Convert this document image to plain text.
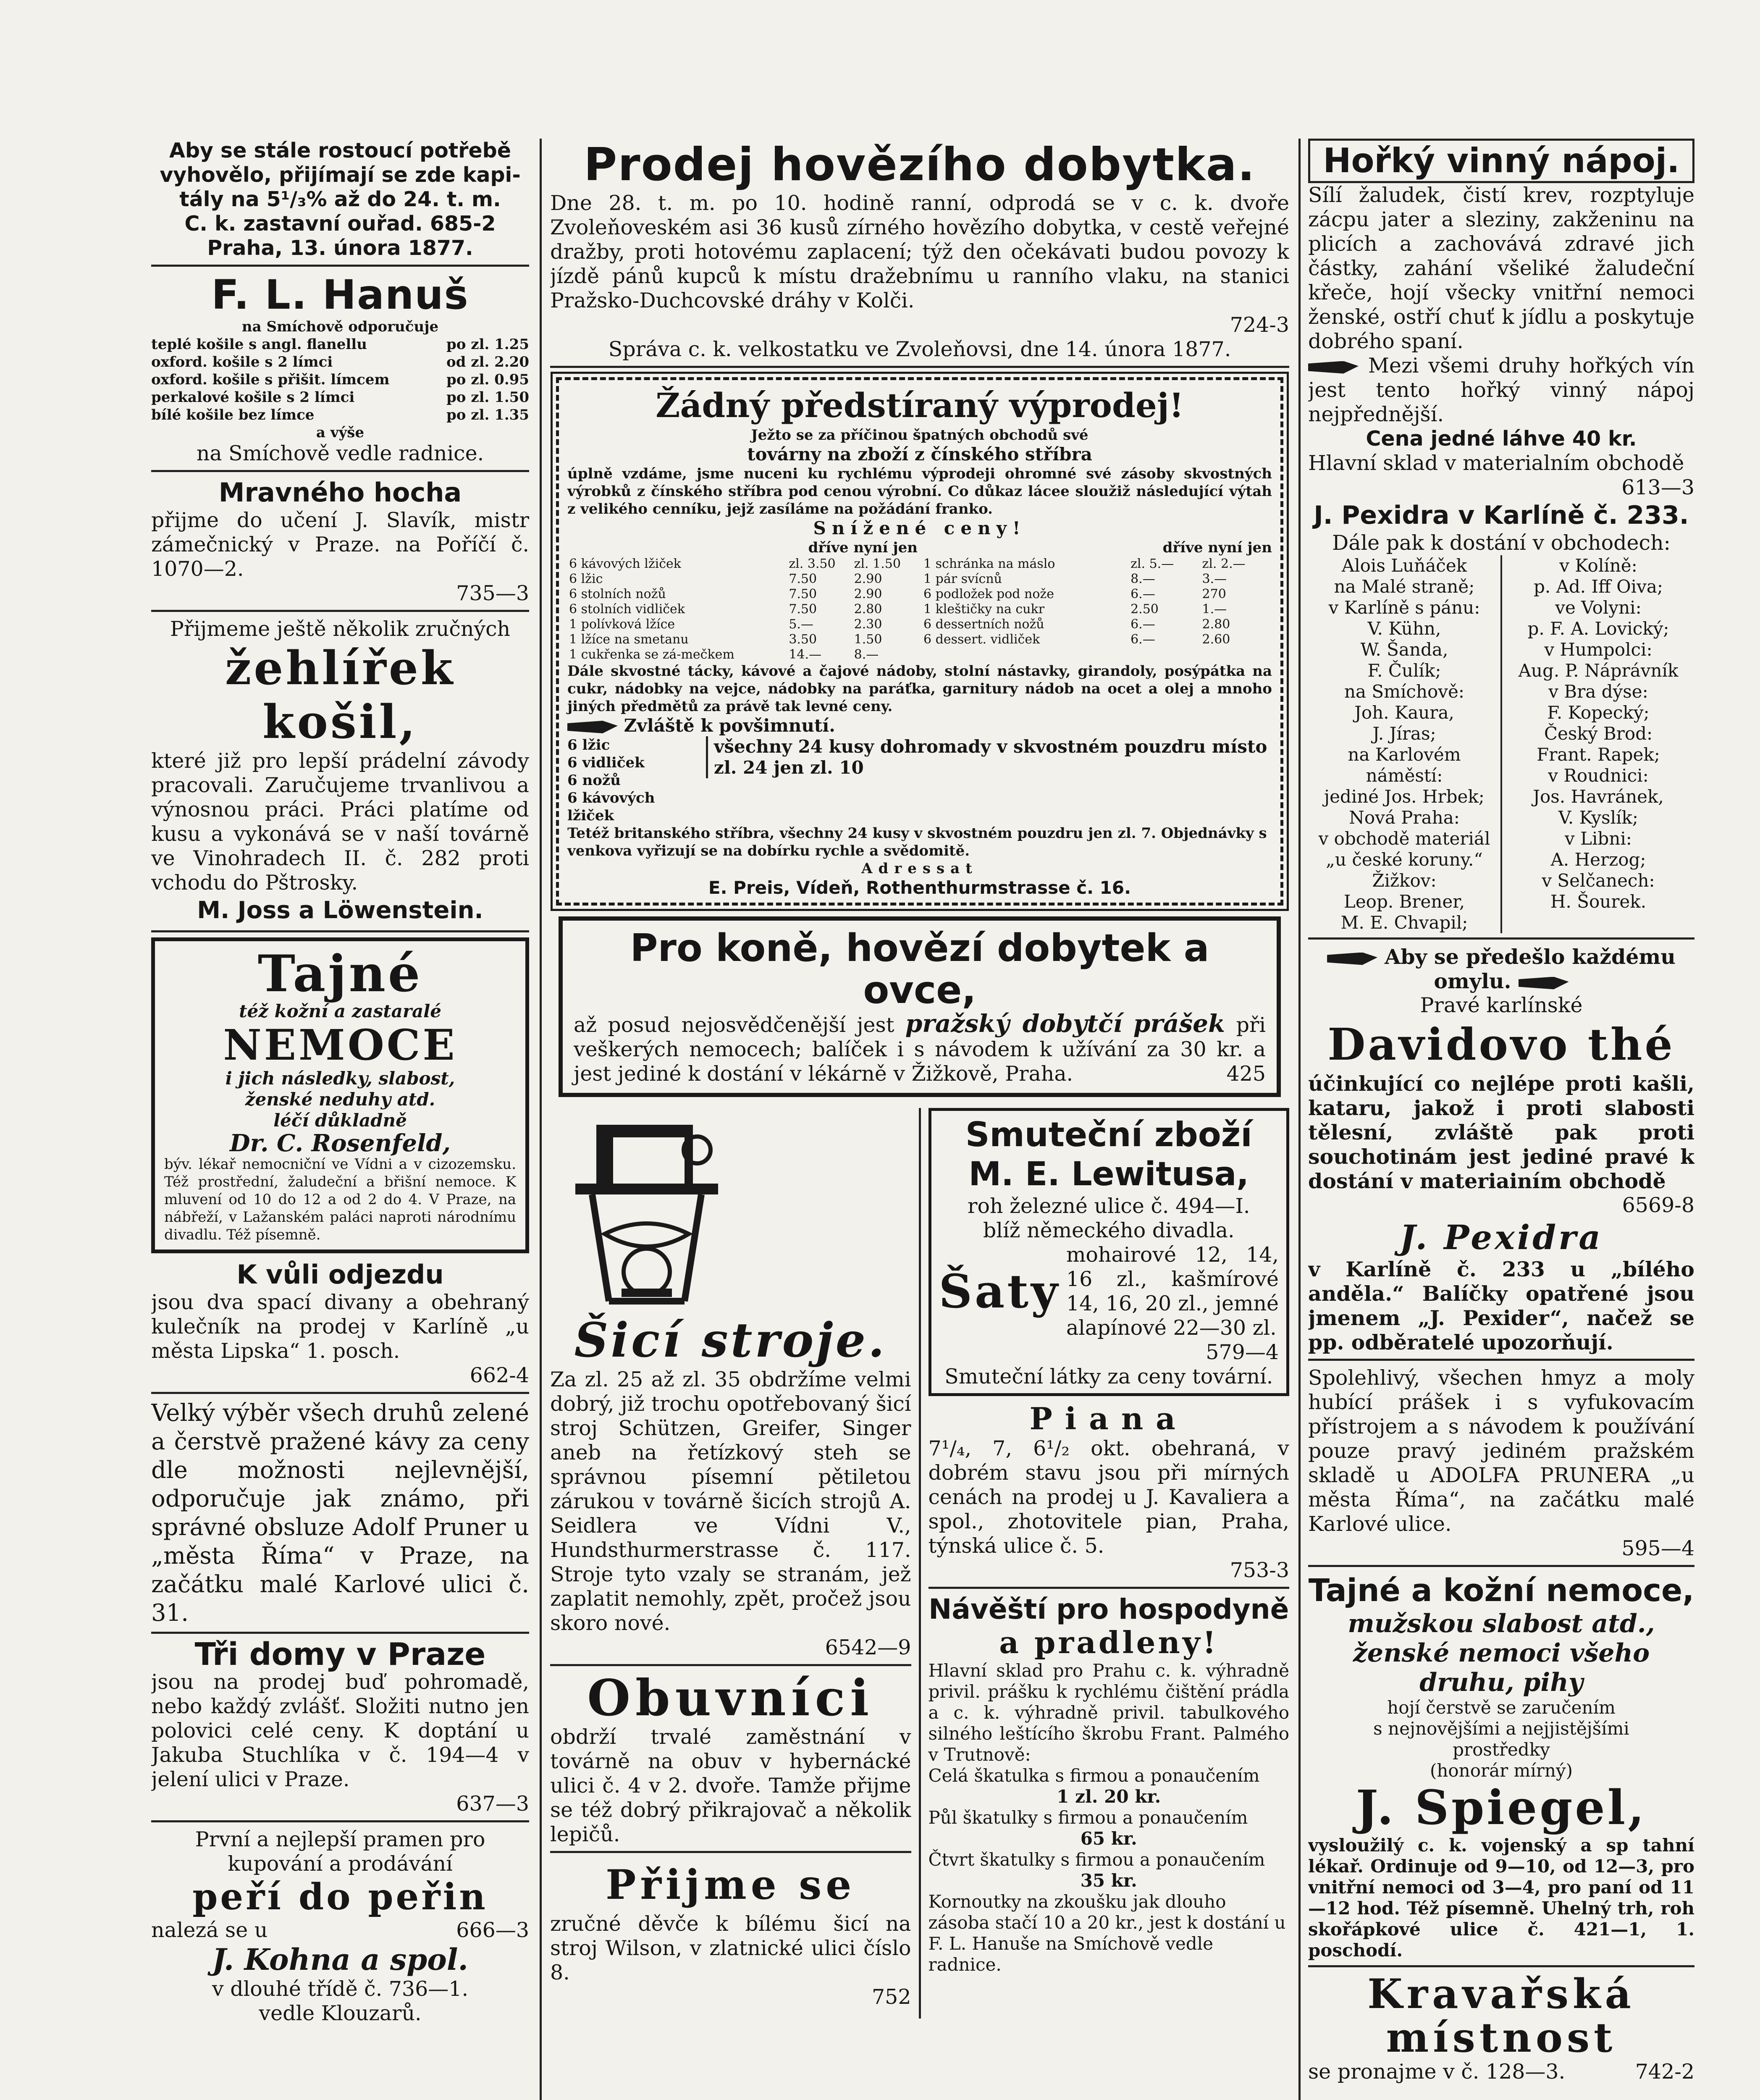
Aby se stále rostoucí potřebě

vyhovělo, přijímají se zde kapi-

tály na 5¹/₃% až do 24. t. m.

C. k. zastavní ouřad. 685-2

Praha, 13. února 1877.

F. L. Hanuš

na Smíchově odporučuje

teplé košile s angl. flanellu	po zl. 1.25
oxford. košile s 2 límci	od zl. 2.20
oxford. košile s přišit. límcem	po zl. 0.95
perkalové košile s 2 límci	po zl. 1.50
bílé košile bez límce	po zl. 1.35

a výše

na Smíchově vedle radnice.

Mravného hocha

přijme do učení J. Slavík, mistr zámečnický v Praze. na Poříčí č. 1070—2.

735—3

Přijmeme ještě několik zručných

žehlířek

košil,

které již pro lepší prádelní závody pracovali. Zaručujeme trvanlivou a výnosnou práci. Práci platíme od kusu a vykonává se v naší továrně ve Vinohradech II. č. 282 proti vchodu do Pštrosky.

M. Joss a Löwenstein.

Tajné

též kožní a zastaralé

NEMOCE

i jich následky, slabost,

ženské neduhy atd.

léčí důkladně

Dr. C. Rosenfeld,

býv. lékař nemocniční ve Vídni a v cizozemsku. Též prostřední, žaludeční a břišní nemoce. K mluvení od 10 do 12 a od 2 do 4. V Praze, na nábřeží, v Lažanském paláci naproti národnímu divadlu. Též písemně.

K vůli odjezdu

jsou dva spací divany a obehraný kulečník na prodej v Karlíně „u města Lipska“ 1. posch.

662-4

Velký výběr všech druhů zelené a čerstvě pražené kávy za ceny dle možnosti nejlevnější, odporučuje jak známo, při správné obsluze Adolf Pruner u „města Říma“ v Praze, na začátku malé Karlové ulici č. 31.

Tři domy v Praze

jsou na prodej buď pohromadě, nebo každý zvlášť. Složiti nutno jen polovici celé ceny. K doptání u Jakuba Stuchlíka v č. 194—4 v jelení ulici v Praze.

637—3

První a nejlepší pramen pro kupování a prodávání

peří do peřin

nalezá se u	666—3

J. Kohna a spol.

v dlouhé třídě č. 736—1.

vedle Klouzarů.

Prodej hovězího dobytka.

Dne 28. t. m. po 10. hodině ranní, odprodá se v c. k. dvoře Zvoleňoveském asi 36 kusů zírného hovězího dobytka, v cestě veřejné dražby, proti hotovému zaplacení; týž den očekávati budou povozy k jízdě pánů kupců k místu dražebnímu u ranního vlaku, na stanici Pražsko-Duchcovské dráhy v Kolči.

724-3

Správa c. k. velkostatku ve Zvoleňovsi, dne 14. února 1877.

Žádný předstíraný výprodej!

Ježto se za příčinou špatných obchodů své

továrny na zboží z čínského stříbra

úplně vzdáme, jsme nuceni ku rychlému výprodeji ohromné své zásoby skvostných výrobků z čínského stříbra pod cenou výrobní. Co důkaz lácee sloužiž následující výtah z velikého cenníku, jejž zasíláme na požádání franko.

Snížené ceny!

dříve nyní jen

6 kávových lžiček	zl. 3.50	zl. 1.50
6 lžic	7.50	2.90
6 stolních nožů	7.50	2.90
6 stolních vidliček	7.50	2.80
1 polívková lžíce	5.—	2.30
1 lžíce na smetanu	3.50	1.50
1 cukřenka se zá-mečkem	14.—	8.—

dříve nyní jen

1 schránka na máslo	zl. 5.—	zl. 2.—
1 pár svícnů	8.—	3.—
6 podložek pod nože	6.—	270
1 kleštičky na cukr	2.50	1.—
6 dessertních nožů	6.—	2.80
6 dessert. vidliček	6.—	2.60

Dále skvostné tácky, kávové a čajové nádoby, stolní nástavky, girandoly, posýpátka na cukr, nádobky na vejce, nádobky na paráťka, garnitury nádob na ocet a olej a mnoho jiných předmětů za právě tak levné ceny.

Zvláště k povšimnutí.

6 lžic

6 vidliček

6 nožů

6 kávových lžiček

všechny 24 kusy dohromady v skvostném pouzdru místo zl. 24 jen zl. 10

Tetéž britanského stříbra, všechny 24 kusy v skvostném pouzdru jen zl. 7. Objednávky s venkova vyřizují se na dobírku rychle a svědomitě.

Adressat

E. Preis, Vídeň, Rothenthurmstrasse č. 16.

Pro koně, hovězí dobytek a ovce,

až posud nejosvědčenější jest pražský dobytčí prášek při veškerých nemocech; balíček i s návodem k užívání za 30 kr. a jest jediné k dostání v lékárně v Žižkově, Praha.	425

Šicí stroje.

Za zl. 25 až zl. 35 obdržíme velmi dobrý, již trochu opotřebovaný šicí stroj Schützen, Greifer, Singer aneb na řetízkový steh se správnou písemní pětiletou zárukou v továrně šicích strojů A. Seidlera ve Vídni V., Hundsthurmerstrasse č. 117. Stroje tyto vzaly se stranám, jež zaplatit nemohly, zpět, pročež jsou skoro nové.

6542—9

Obuvníci

obdrží trvalé zaměstnání v továrně na obuv v hybernácké ulici č. 4 v 2. dvoře. Tamže přijme se též dobrý přikrajovač a několik lepičů.

Přijme se

zručné děvče k bílému šicí na stroj Wilson, v zlatnické ulici číslo 8.

752

Smuteční zboží

M. E. Lewitusa,

roh železné ulice č. 494—I.

blíž německého divadla.

Šaty

mohairové 12, 14, 16 zl., kašmírové 14, 16, 20 zl., jemné alapínové 22—30 zl.

579—4

Smuteční látky za ceny tovární.

Piana

7¹/₄, 7, 6¹/₂ okt. obehraná, v dobrém stavu jsou při mírných cenách na prodej u J. Kavaliera a spol., zhotovitele pian, Praha, týnská ulice č. 5.

753-3

Návěští pro hospodyně

a pradleny!

Hlavní sklad pro Prahu c. k. výhradně privil. prášku k rychlému čištění prádla a c. k. výhradně privil. tabulkového silného leštícího škrobu Frant. Palmého v Trutnově:

Celá škatulka s firmou a ponaučením

1 zl. 20 kr.

Půl škatulky s firmou a ponaučením

65 kr.

Čtvrt škatulky s firmou a ponaučením

35 kr.

Kornoutky na zkoušku jak dlouho zásoba stačí 10 a 20 kr., jest k dostání u F. L. Hanuše na Smíchově vedle radnice.

Hořký vinný nápoj.

Sílí žaludek, čistí krev, rozptyluje zácpu jater a sleziny, zakženinu na plicích a zachovává zdravé jich částky, zahání všeliké žaludeční křeče, hojí všecky vnitřní nemoci ženské, ostří chuť k jídlu a poskytuje dobrého spaní.

Mezi všemi druhy hořkých vín jest tento hořký vinný nápoj nejpřednější.

Cena jedné láhve 40 kr.

Hlavní sklad v materialním obchodě

613—3

J. Pexidra v Karlíně č. 233.

Dále pak k dostání v obchodech:

Alois Luňáček

na Malé straně;

v Karlíně s pánu:

V. Kühn,

W. Šanda,

F. Čulík;

na Smíchově:

Joh. Kaura,

J. Jíras;

na Karlovém

náměstí:

jediné Jos. Hrbek;

Nová Praha:

v obchodě materiál

„u české koruny.“

Žižkov:

Leop. Brener,

M. E. Chvapil;

v Kolíně:

p. Ad. Iff Oiva;

ve Volyni:

p. F. A. Lovický;

v Humpolci:

Aug. P. Náprávník

v Bra dýse:

F. Kopecký;

Český Brod:

Frant. Rapek;

v Roudnici:

Jos. Havránek,

V. Kyslík;

v Libni:

A. Herzog;

v Selčanech:

H. Šourek.

Aby se předešlo každému omylu.

Pravé karlínské

Davidovo thé

účinkující co nejlépe proti kašli, kataru, jakož i proti slabosti tělesní, zvláště pak proti souchotinám jest jediné pravé k dostání v materiainím obchodě

6569-8

J. Pexidra

v Karlíně č. 233 u „bílého anděla.“ Balíčky opatřené jsou jmenem „J. Pexider“, načež se pp. odběratelé upozorňují.

Spolehlivý, všechen hmyz a moly hubící prášek i s vyfukovacím přístrojem a s návodem k používání pouze pravý jediném pražském skladě u ADOLFA PRUNERA „u města Říma“, na začátku malé Karlové ulice.

595—4

Tajné a kožní nemoce,

mužskou slabost atd.,

ženské nemoci všeho

druhu, pihy

hojí čerstvě se zaručením

s nejnovějšími a nejjistějšími

prostředky

(honorár mírný)

J. Spiegel,

vysloužilý c. k. vojenský a sp tahní lékař. Ordinuje od 9—10, od 12—3, pro vnitřní nemoci od 3—4, pro paní od 11—12 hod. Též písemně. Uhelný trh, roh skořápkové ulice č. 421—1, 1. poschodí.

Kravařská

místnost

se pronajme v č. 128—3.	742-2
